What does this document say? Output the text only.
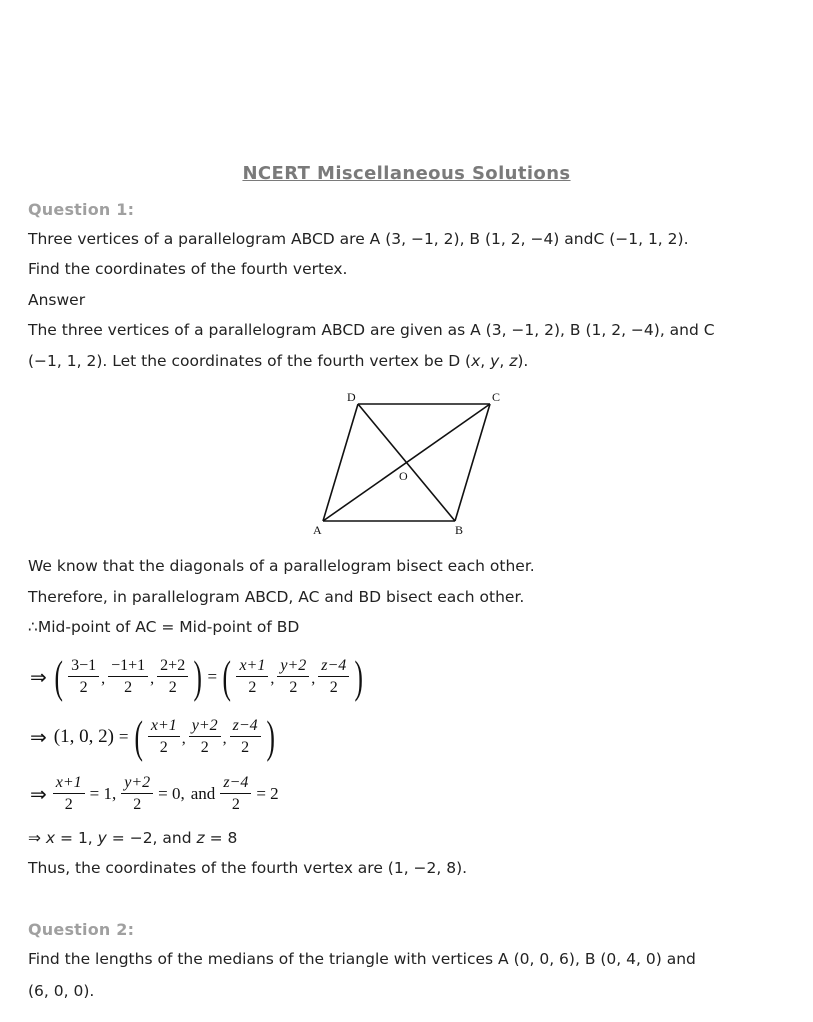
NCERT Miscellaneous Solutions
Question 1:
Three vertices of a parallelogram ABCD are A (3, −1, 2), B (1, 2, −4) andC (−1, 1, 2).
Find the coordinates of the fourth vertex.
Answer
The three vertices of a parallelogram ABCD are given as A (3, −1, 2), B (1, 2, −4), and C
(−1, 1, 2). Let the coordinates of the fourth vertex be D (x, y, z).
D	C
O
A	B
We know that the diagonals of a parallelogram bisect each other.
Therefore, in parallelogram ABCD, AC and BD bisect each other.
∴Mid-point of AC = Mid-point of BD
⇒ ( $\frac{3-1}{2}$ , $\frac{-1+1}{2}$ , $\frac{2+2}{2}$ ) = ( $\frac{x+1}{2}$ , $\frac{y+2}{2}$ , $\frac{z-4}{2}$ )
⇒ (1, 0, 2) = ( $\frac{x+1}{2}$ , $\frac{y+2}{2}$ , $\frac{z-4}{2}$ )
⇒ $\frac{x+1}{2} = 1$, $\frac{y+2}{2} = 0$, and $\frac{z-4}{2} = 2$
⇒ x = 1, y = −2, and z = 8
Thus, the coordinates of the fourth vertex are (1, −2, 8).
Question 2:
Find the lengths of the medians of the triangle with vertices A (0, 0, 6), B (0, 4, 0) and
(6, 0, 0).
